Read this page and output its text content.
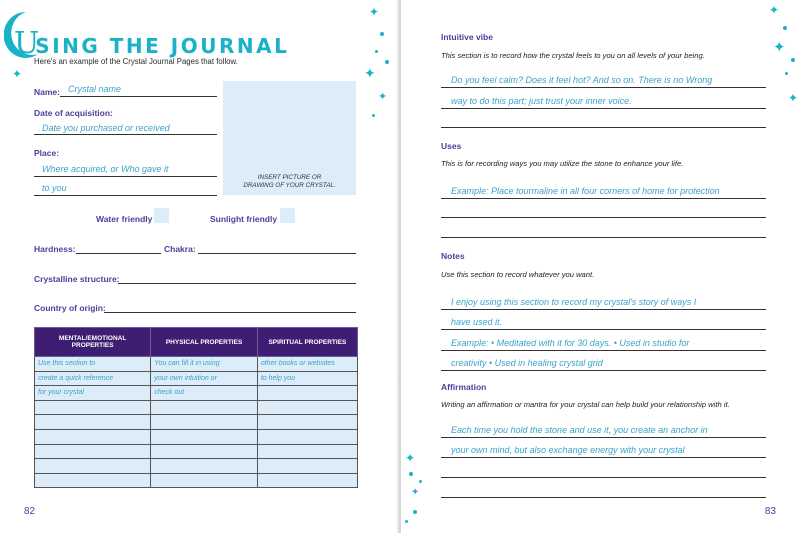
USING THE JOURNAL
Here's an example of the Crystal Journal Pages that follow.
✦
✦
✦
✦
Name: Crystal name
Date of acquisition:
Date you purchased or received
Place:
Where acquired, or Who gave it
to you
INSERT PICTURE OR
DRAWING OF YOUR CRYSTAL.
Water friendly	Sunlight friendly
Hardness:	Chakra:
Crystalline structure:
Country of origin:
MENTAL/EMOTIONAL PROPERTIES	PHYSICAL PROPERTIES	SPIRITUAL PROPERTIES
Use this section to	You can fill it in using	other books or websites
create a quick reference	your own intuition or	to help you
for your crystal	check out	

82
✦
✦
✦
✦
✦
Intuitive vibe
This section is to record how the crystal feels to you on all levels of your being.
Do you feel calm? Does it feel hot? And so on. There is no Wrong
way to do this part; just trust your inner voice.
Uses
This is for recording ways you may utilize the stone to enhance your life.
Example: Place tourmaline in all four corners of home for protection
Notes
Use this section to record whatever you want.
I enjoy using this section to record my crystal's story of ways I
have used it.
Example: • Meditated with it for 30 days. • Used in studio for
creativity • Used in healing crystal grid
Affirmation
Writing an affirmation or mantra for your crystal can help build your relationship with it.
Each time you hold the stone and use it, you create an anchor in
your own mind, but also exchange energy with your crystal
83
